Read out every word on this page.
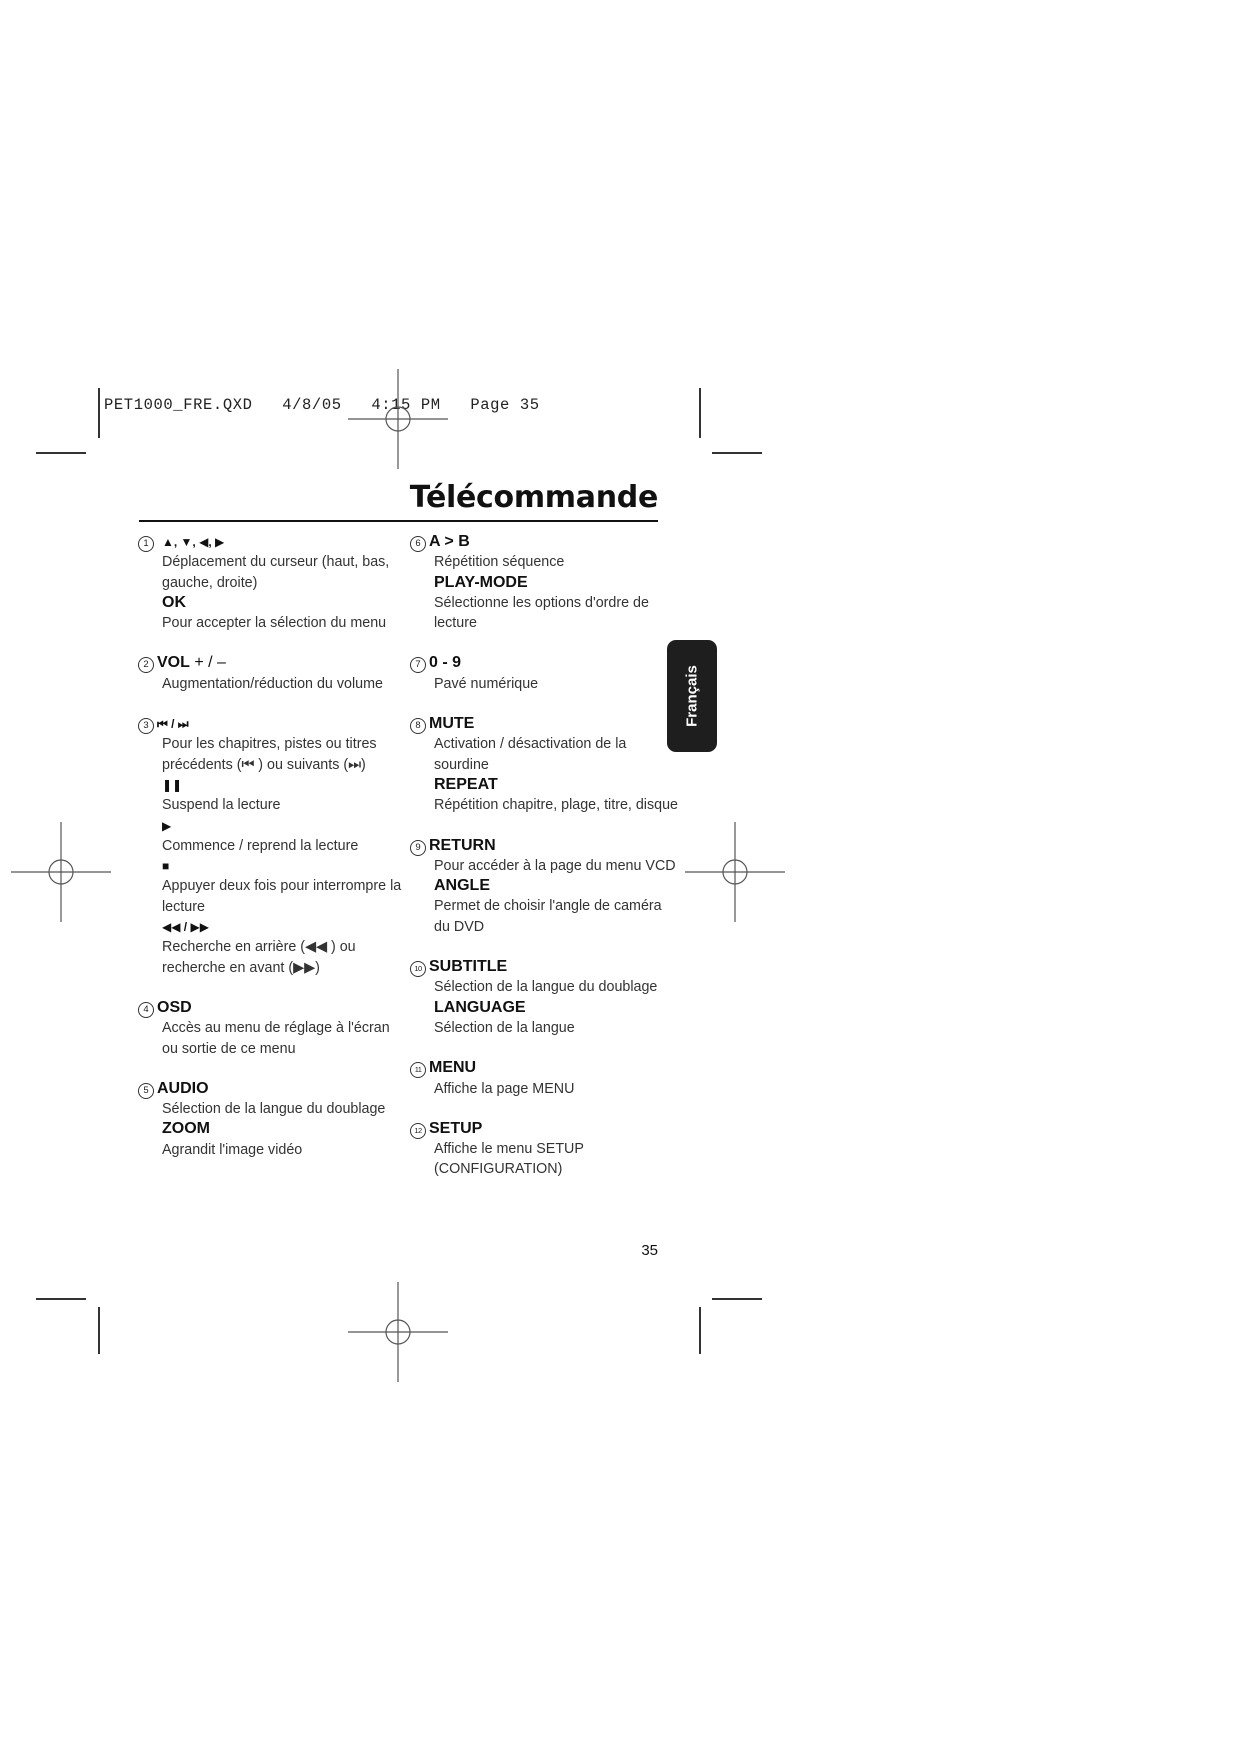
PET1000_FRE.QXD   4/8/05   4:15 PM   Page 35
Télécommande
1	▲, ▼, ◀, ▶
Déplacement du curseur (haut, bas, gauche, droite)
OK
Pour accepter la sélection du menu
2 VOL + / –
Augmentation/réduction du volume
3 ⏮ / ⏭
Pour les chapitres, pistes ou titres précédents (⏮ ) ou suivants (⏭)
❚❚
Suspend la lecture
▶
Commence / reprend la lecture
■
Appuyer deux fois pour interrompre la lecture
◀◀ / ▶▶
Recherche en arrière (◀◀ ) ou recherche en avant (▶▶)
4 OSD
Accès au menu de réglage à l'écran ou sortie de ce menu
5 AUDIO
Sélection de la langue du doublage
ZOOM
Agrandit l'image vidéo
6 A > B
Répétition séquence
PLAY-MODE
Sélectionne les options d'ordre de lecture
7 0 - 9
Pavé numérique
8 MUTE
Activation / désactivation de la sourdine
REPEAT
Répétition chapitre, plage, titre, disque
9 RETURN
Pour accéder à la page du menu VCD
ANGLE
Permet de choisir l'angle de caméra du DVD
10 SUBTITLE
Sélection de la langue du doublage
LANGUAGE
Sélection de la langue
11 MENU
Affiche la page MENU
12 SETUP
Affiche le menu SETUP (CONFIGURATION)
Français
35
